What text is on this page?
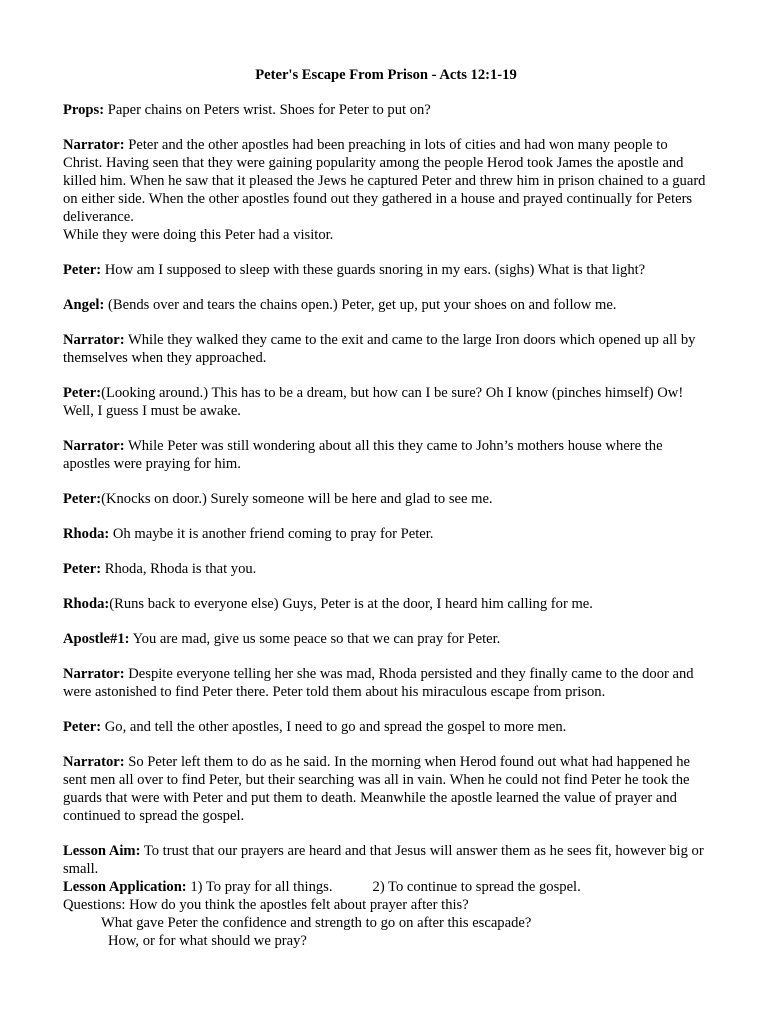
Peter's Escape From Prison - Acts 12:1-19
Props: Paper chains on Peters wrist. Shoes for Peter to put on?
Narrator: Peter and the other apostles had been preaching in lots of cities and had won many people to Christ. Having seen that they were gaining popularity among the people Herod took James the apostle and killed him. When he saw that it pleased the Jews he captured Peter and threw him in prison chained to a guard on either side. When the other apostles found out they gathered in a house and prayed continually for Peters deliverance.
While they were doing this Peter had a visitor.
Peter: How am I supposed to sleep with these guards snoring in my ears. (sighs) What is that light?
Angel: (Bends over and tears the chains open.) Peter, get up, put your shoes on and follow me.
Narrator: While they walked they came to the exit and came to the large Iron doors which opened up all by themselves when they approached.
Peter:(Looking around.) This has to be a dream, but how can I be sure? Oh I know (pinches himself) Ow! Well, I guess I must be awake.
Narrator: While Peter was still wondering about all this they came to John’s mothers house where the apostles were praying for him.
Peter:(Knocks on door.) Surely someone will be here and glad to see me.
Rhoda: Oh maybe it is another friend coming to pray for Peter.
Peter: Rhoda, Rhoda is that you.
Rhoda:(Runs back to everyone else) Guys, Peter is at the door, I heard him calling for me.
Apostle#1: You are mad, give us some peace so that we can pray for Peter.
Narrator: Despite everyone telling her she was mad, Rhoda persisted and they finally came to the door and were astonished to find Peter there. Peter told them about his miraculous escape from prison.
Peter: Go, and tell the other apostles, I need to go and spread the gospel to more men.
Narrator: So Peter left them to do as he said. In the morning when Herod found out what had happened he sent men all over to find Peter, but their searching was all in vain. When he could not find Peter he took the guards that were with Peter and put them to death. Meanwhile the apostle learned the value of prayer and continued to spread the gospel.
Lesson Aim: To trust that our prayers are heard and that Jesus will answer them as he sees fit, however big or small.
Lesson Application: 1) To pray for all things.	2) To continue to spread the gospel.
Questions: How do you think the apostles felt about prayer after this?
What gave Peter the confidence and strength to go on after this escapade?
How, or for what should we pray?
